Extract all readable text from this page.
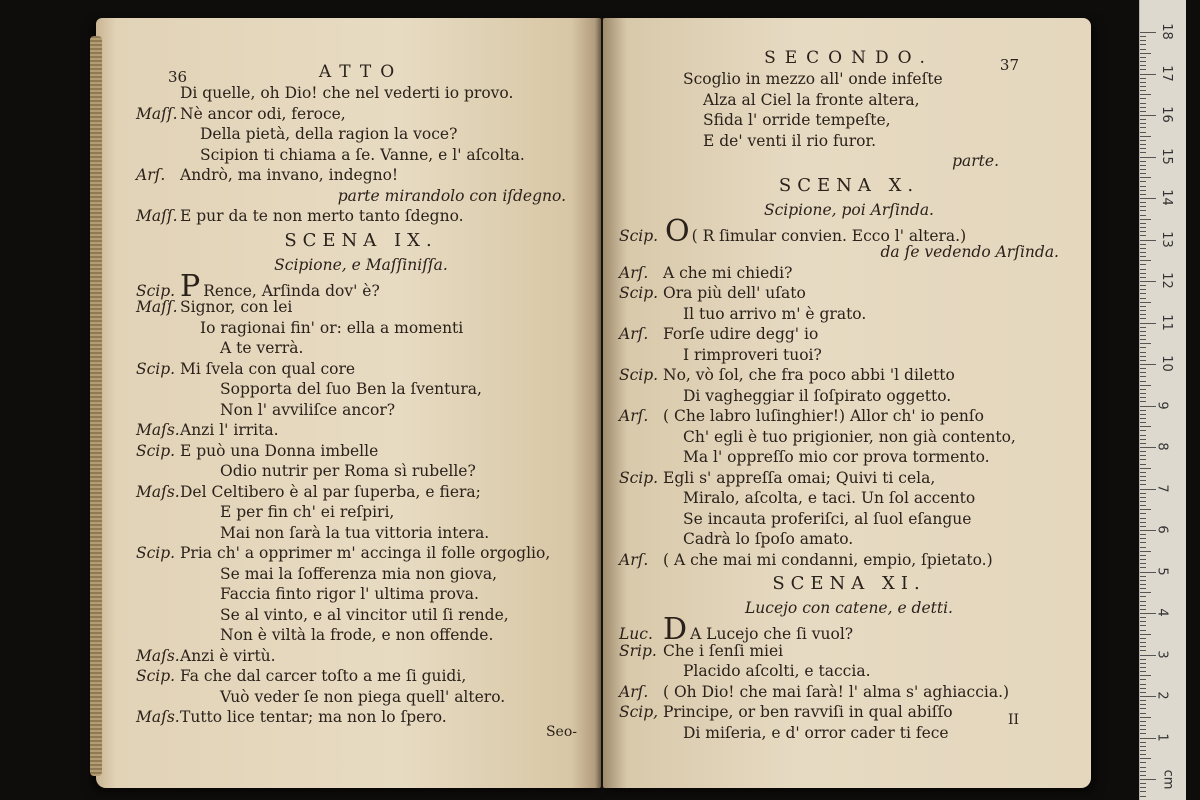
36	ATTO
Di quelle, oh Dio! che nel vederti io provo.
Maſſ. Nè ancor odi, feroce,
Della pietà, della ragion la voce?
Scipion ti chiama a ſe. Vanne, e l' aſcolta.
Arſ. Andrò, ma invano, indegno!
parte mirandolo con iſdegno.
Maſſ. E pur da te non merto tanto ſdegno.
SCENA IX.
Scipione, e Maſſiniſſa.
Scip. P Rence, Arſinda dov' è?
Maſſ. Signor, con lei
Io ragionai fin' or: ella a momenti
A te verrà.
Scip. Mi ſvela con qual core
Sopporta del ſuo Ben la ſventura,
Non l' avviliſce ancor?
Maſs.Anzi l' irrita.
Scip. E può una Donna imbelle
Odio nutrir per Roma sì rubelle?
Maſs.Del Celtibero è al par ſuperba, e fiera;
E per fin ch' ei reſpiri,
Mai non ſarà la tua vittoria intera.
Scip. Pria ch' a opprimer m' accinga il folle orgoglio,
Se mai la ſofferenza mia non giova,
Faccia finto rigor l' ultima prova.
Se al vinto, e al vincitor util ſi rende,
Non è viltà la frode, e non offende.
Maſs.Anzi è virtù.
Scip. Fa che dal carcer toſto a me ſi guidi,
Vuò veder ſe non piega quell' altero.
Maſs.Tutto lice tentar; ma non lo ſpero.
Seo-
37
SECONDO.
Scoglio in mezzo all' onde infeſte
Alza al Ciel la fronte altera,
Sfida l' orride tempeſte,
E de' venti il rio furor.
parte.
SCENA X.
Scipione, poi Arſinda.
Scip. O ( R ſimular convien. Ecco l' altera.)
da ſe vedendo Arſinda.
Arſ. A che mi chiedi?
Scip. Ora più dell' uſato
Il tuo arrivo m' è grato.
Arſ. Forſe udire degg' io
I rimproveri tuoi?
Scip. No, vò ſol, che fra poco abbi 'l diletto
Di vagheggiar il ſoſpirato oggetto.
Arſ. ( Che labro luſinghier!) Allor ch' io penſo
Ch' egli è tuo prigionier, non già contento,
Ma l' oppreſſo mio cor prova tormento.
Scip. Egli s' appreſſa omai; Quivi ti cela,
Miralo, aſcolta, e taci. Un ſol accento
Se incauta proferiſci, al ſuol eſangue
Cadrà lo ſpoſo amato.
Arſ. ( A che mai mi condanni, empio, ſpietato.)
SCENA XI.
Lucejo con catene, e detti.
Luc. D A Lucejo che ſi vuol?
Srip. Che i ſenſi miei
Placido aſcolti, e taccia.
Arſ. ( Oh Dio! che mai ſarà! l' alma s' aghiaccia.)
Scip, Principe, or ben ravviſi in qual abiſſo
Di miſeria, e d' orror cader ti fece
II
18
17
16
15
14
13
12
11
10
9
8
7
6
5
4
3
2
1
cm
